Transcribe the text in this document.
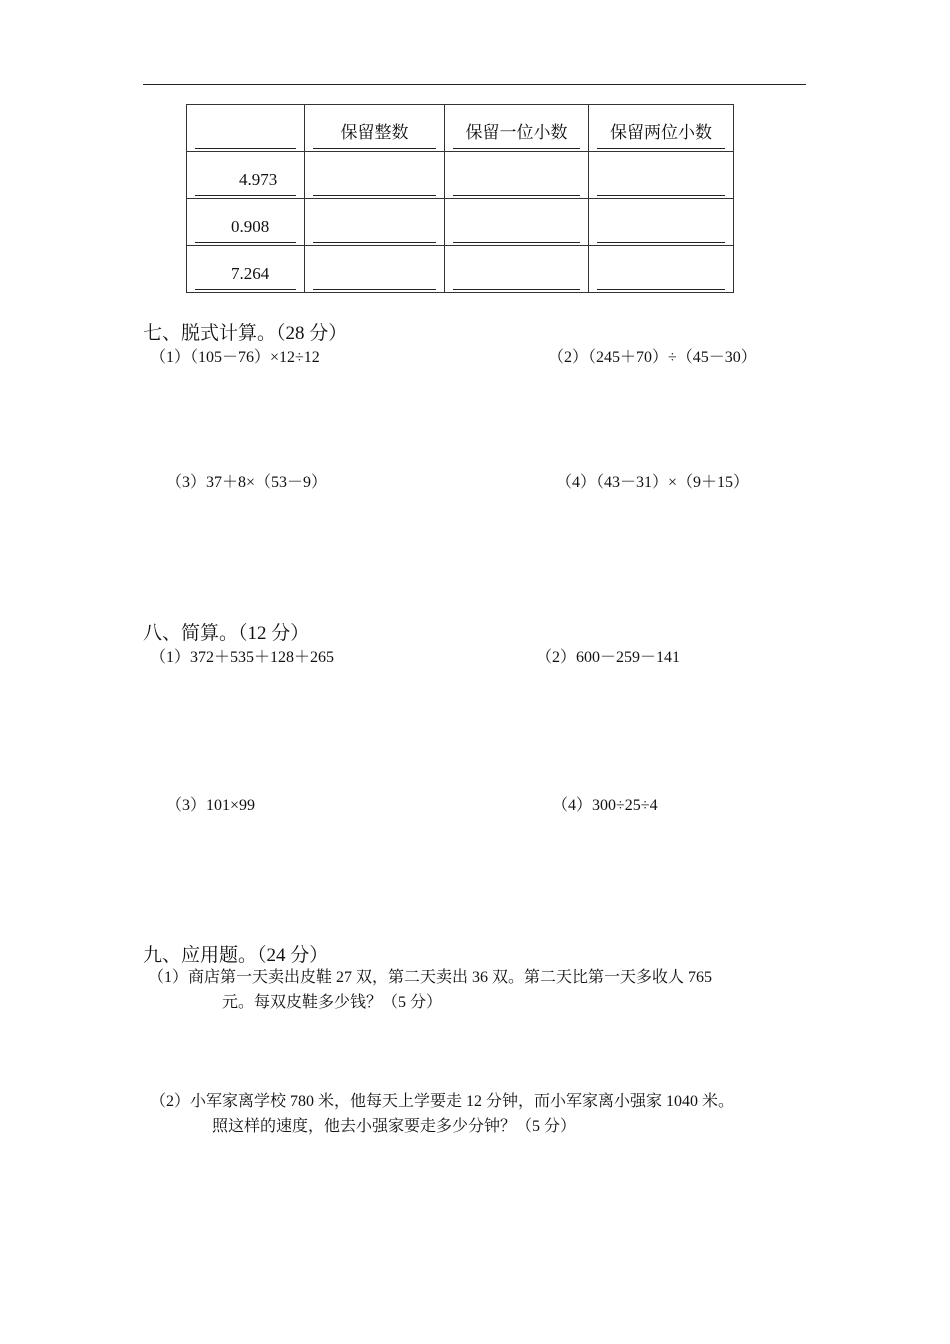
	保留整数	保留一位小数	保留两位小数

4.973			

0.908			

7.264			

七、脱式计算。（28 分）
（1）（105－76）×12÷12	（2）（245＋70）÷（45－30）
（3）37＋8×（53－9）	（4）（43－31）×（9＋15）
八、简算。（12 分）
（1）372＋535＋128＋265	（2）600－259－141
（3）101×99	（4）300÷25÷4
九、应用题。（24 分）
（1）商店第一天卖出皮鞋 27 双，第二天卖出 36 双。第二天比第一天多收人 765
元。每双皮鞋多少钱？（5 分）
（2）小军家离学校 780 米，他每天上学要走 12 分钟，而小军家离小强家 1040 米。
照这样的速度，他去小强家要走多少分钟？（5 分）
